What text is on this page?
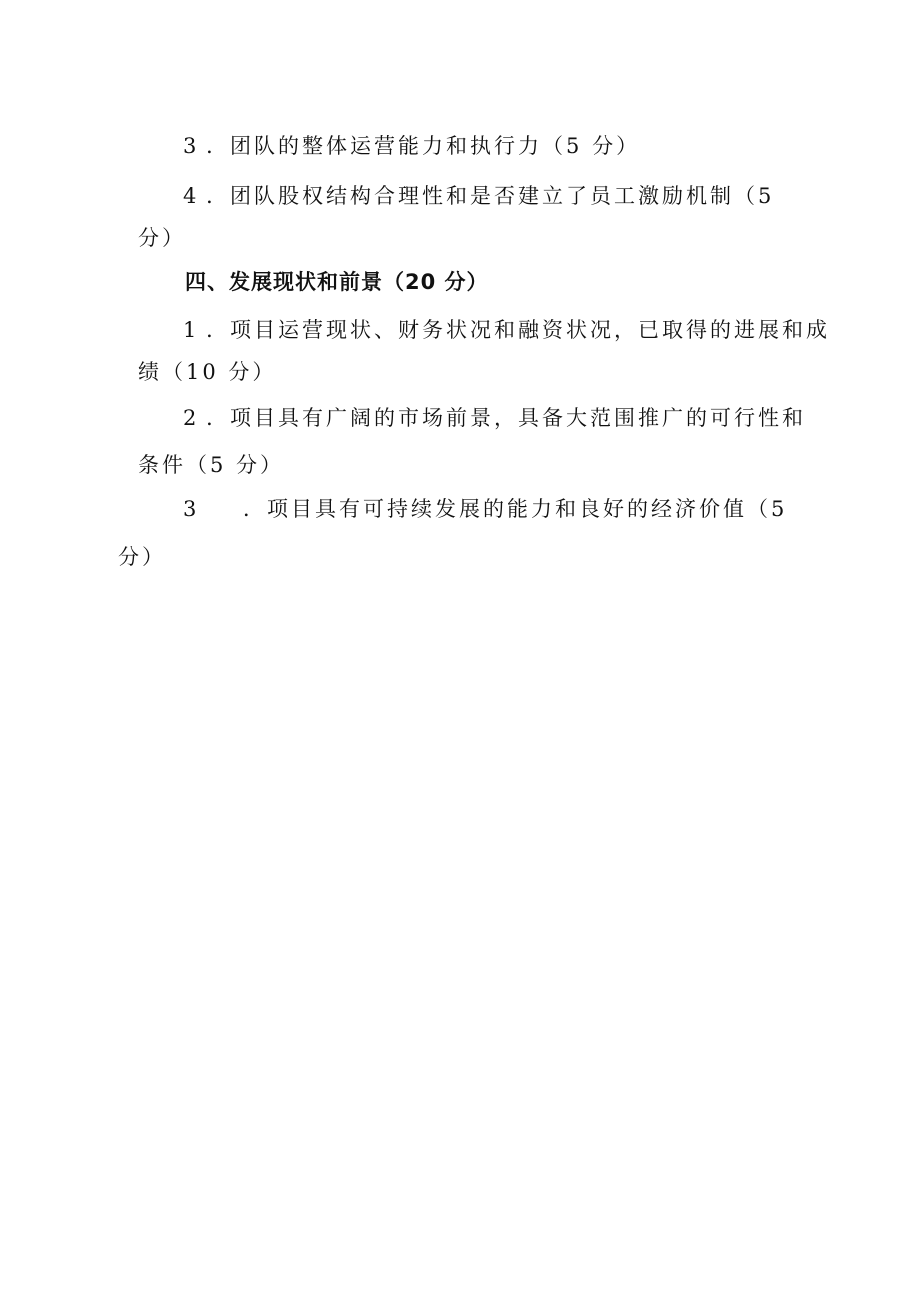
3 ．团队的整体运营能力和执行力（5 分）
4 ．团队股权结构合理性和是否建立了员工激励机制（5
分）
四、发展现状和前景（20 分）
1 ．项目运营现状、财务状况和融资状况，已取得的进展和成
绩（10 分）
2 ．项目具有广阔的市场前景，具备大范围推广的可行性和
条件（5 分）
3 ．项目具有可持续发展的能力和良好的经济价值（5
分）
